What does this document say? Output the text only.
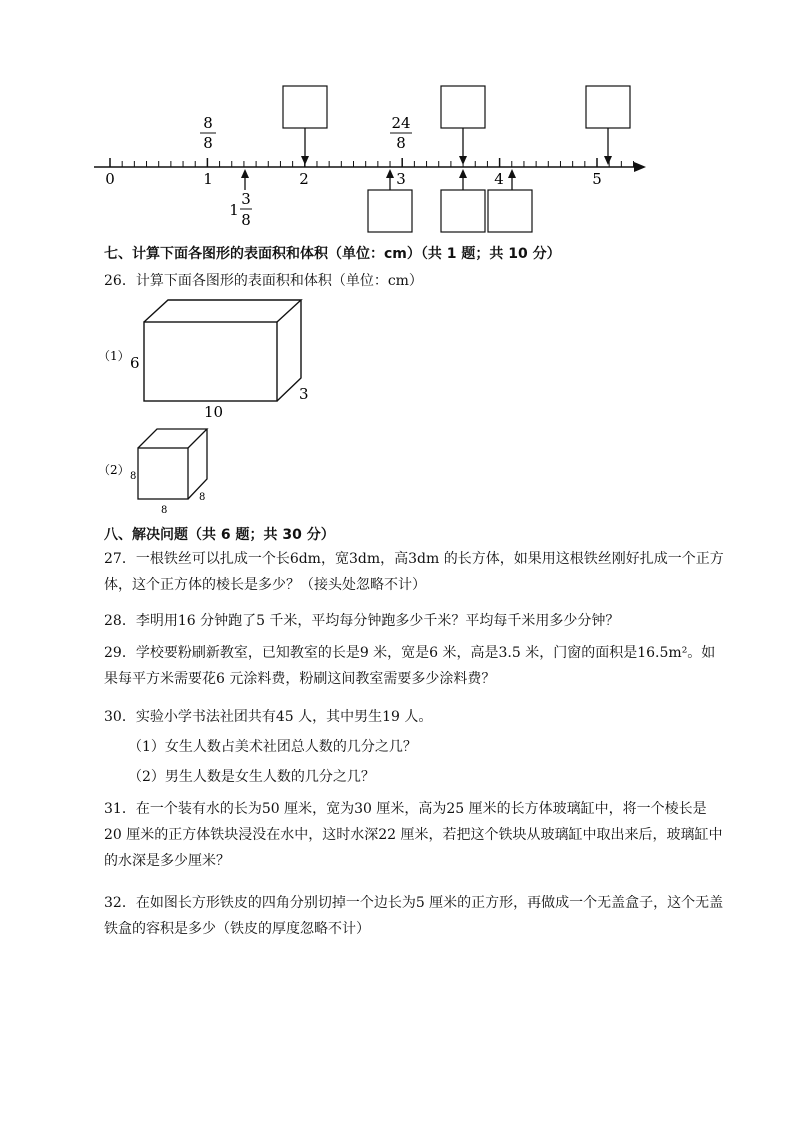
0	1	2	3	4	5
8
8
24
8
1
3
8
七、计算下面各图形的表面积和体积（单位：cm）（共 1 题；共 10 分）
26．计算下面各图形的表面积和体积（单位：cm）
（1） 6
3
10
（2） 8
8
8
八、解决问题（共 6 题；共 30 分）
27．一根铁丝可以扎成一个长6dm，宽3dm，高3dm 的长方体，如果用这根铁丝刚好扎成一个正方体，这个正方体的棱长是多少？（接头处忽略不计）
28．李明用16 分钟跑了5 千米，平均每分钟跑多少千米？平均每千米用多少分钟？
29．学校要粉刷新教室，已知教室的长是9 米，宽是6 米，高是3.5 米，门窗的面积是16.5m²。如果每平方米需要花6 元涂料费，粉刷这间教室需要多少涂料费？
30．实验小学书法社团共有45 人，其中男生19 人。
（1）女生人数占美术社团总人数的几分之几？
（2）男生人数是女生人数的几分之几？
31．在一个装有水的长为50 厘米，宽为30 厘米，高为25 厘米的长方体玻璃缸中，将一个棱长是20 厘米的正方体铁块浸没在水中，这时水深22 厘米，若把这个铁块从玻璃缸中取出来后，玻璃缸中的水深是多少厘米？
32．在如图长方形铁皮的四角分别切掉一个边长为5 厘米的正方形，再做成一个无盖盒子，这个无盖铁盒的容积是多少（铁皮的厚度忽略不计）
